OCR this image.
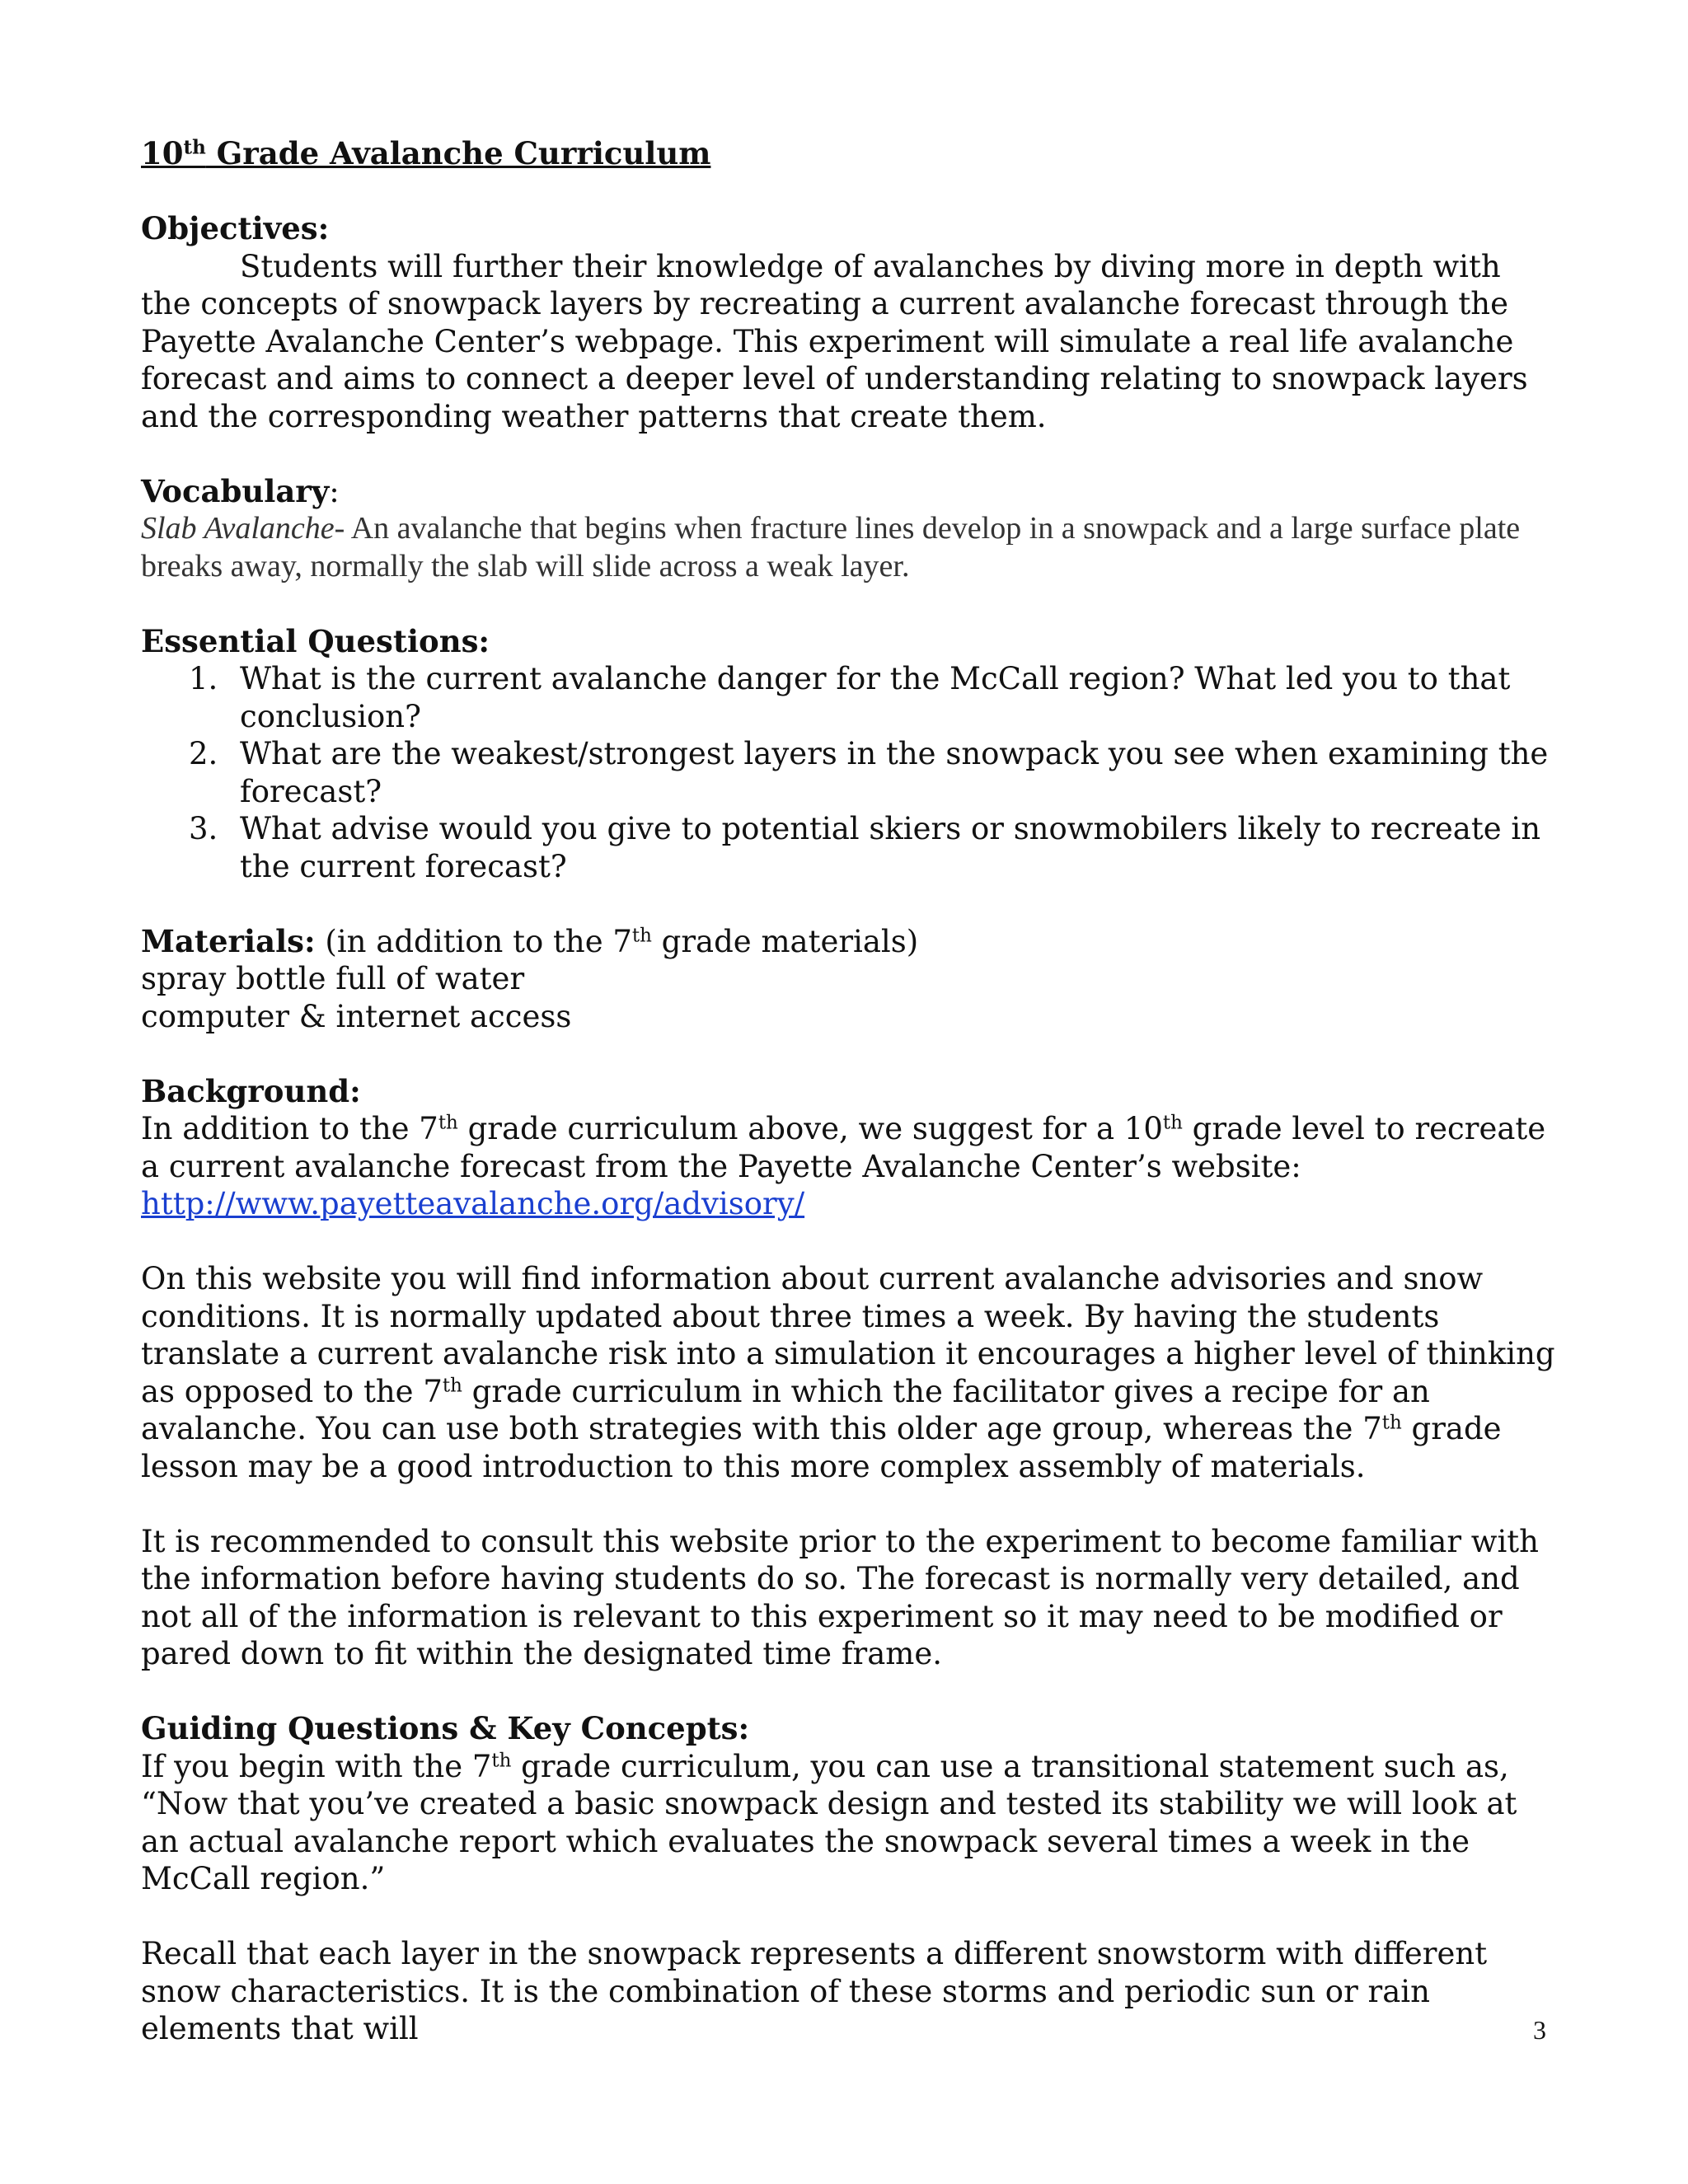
10th Grade Avalanche Curriculum

Objectives:

Students will further their knowledge of avalanches by diving more in depth with the concepts of snowpack layers by recreating a current avalanche forecast through the Payette Avalanche Center’s webpage. This experiment will simulate a real life avalanche forecast and aims to connect a deeper level of understanding relating to snowpack layers and the corresponding weather patterns that create them.

Vocabulary:

Slab Avalanche- An avalanche that begins when fracture lines develop in a snowpack and a large surface plate breaks away, normally the slab will slide across a weak layer.

Essential Questions:

1. What is the current avalanche danger for the McCall region? What led you to that conclusion?
2. What are the weakest/strongest layers in the snowpack you see when examining the forecast?
3. What advise would you give to potential skiers or snowmobilers likely to recreate in the current forecast?

Materials: (in addition to the 7th grade materials)

spray bottle full of water

computer & internet access

Background:

In addition to the 7th grade curriculum above, we suggest for a 10th grade level to recreate a current avalanche forecast from the Payette Avalanche Center’s website:

http://www.payetteavalanche.org/advisory/

On this website you will find information about current avalanche advisories and snow conditions. It is normally updated about three times a week. By having the students translate a current avalanche risk into a simulation it encourages a higher level of thinking as opposed to the 7th grade curriculum in which the facilitator gives a recipe for an avalanche. You can use both strategies with this older age group, whereas the 7th grade lesson may be a good introduction to this more complex assembly of materials.

It is recommended to consult this website prior to the experiment to become familiar with the information before having students do so. The forecast is normally very detailed, and not all of the information is relevant to this experiment so it may need to be modified or pared down to fit within the designated time frame.

Guiding Questions & Key Concepts:

If you begin with the 7th grade curriculum, you can use a transitional statement such as, “Now that you’ve created a basic snowpack design and tested its stability we will look at an actual avalanche report which evaluates the snowpack several times a week in the McCall region.”

Recall that each layer in the snowpack represents a different snowstorm with different snow characteristics. It is the combination of these storms and periodic sun or rain elements that will	3
